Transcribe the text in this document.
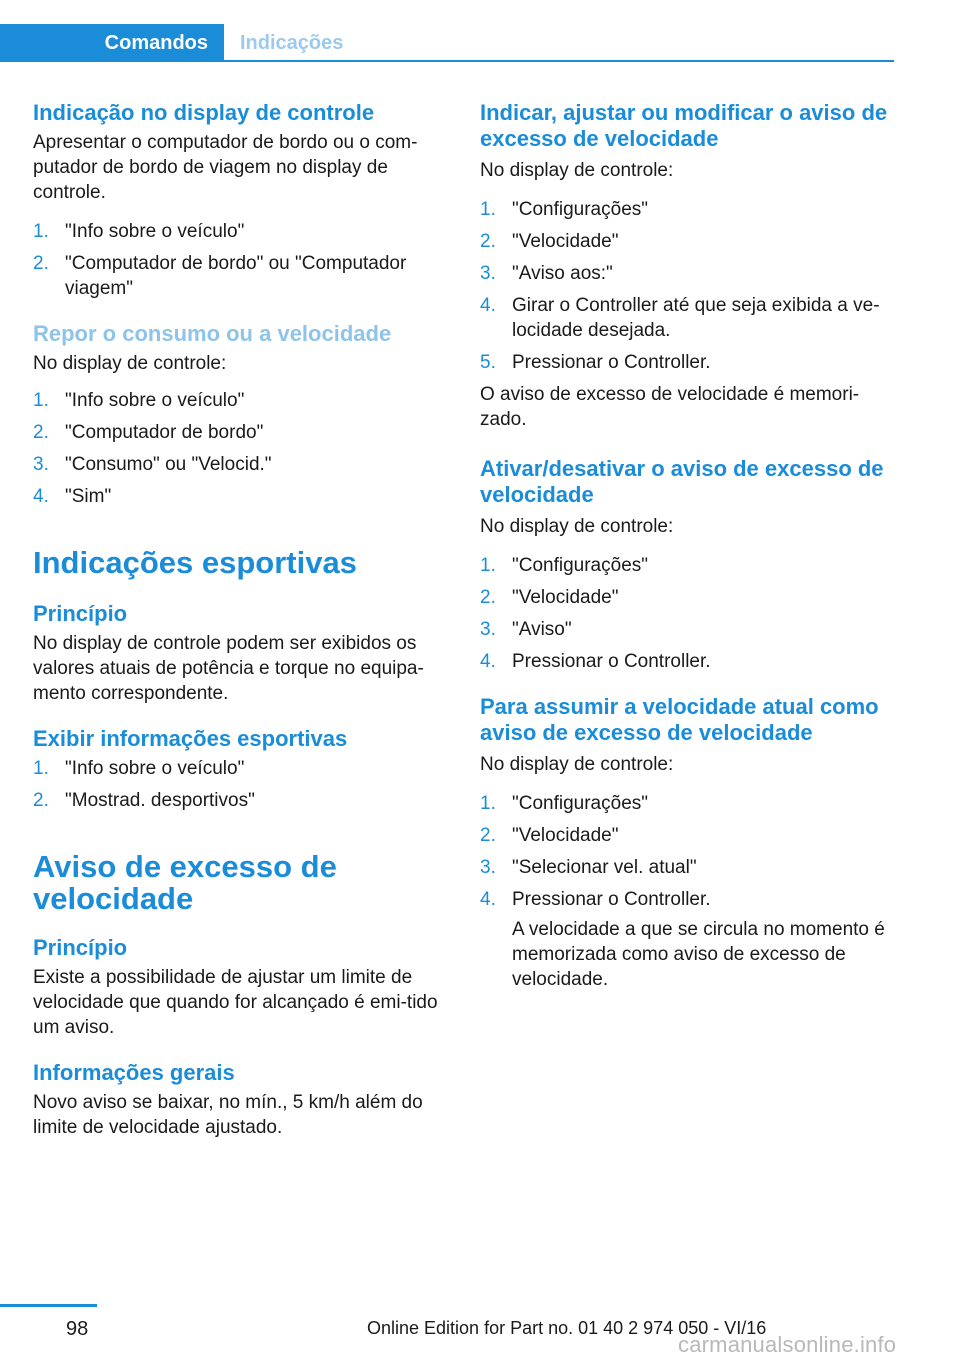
Comandos	Indicações
Indicação no display de controle

Apresentar o computador de bordo ou o com-putador de bordo de viagem no display de controle.

1. "Info sobre o veículo"
2. "Computador de bordo" ou "Computador viagem"
Repor o consumo ou a velocidade

No display de controle:

1. "Info sobre o veículo"
2. "Computador de bordo"
3. "Consumo" ou "Velocid."
4. "Sim"
Indicações esportivas
Princípio

No display de controle podem ser exibidos os valores atuais de potência e torque no equipa-mento correspondente.

Exibir informações esportivas
1. "Info sobre o veículo"
2. "Mostrad. desportivos"
Aviso de excesso de
velocidade
Princípio

Existe a possibilidade de ajustar um limite de velocidade que quando for alcançado é emi-tido um aviso.

Informações gerais

Novo aviso se baixar, no mín., 5 km/h além do limite de velocidade ajustado.

Indicar, ajustar ou modificar o aviso de excesso de velocidade

No display de controle:

1. "Configurações"
2. "Velocidade"
3. "Aviso aos:"
4. Girar o Controller até que seja exibida a ve-locidade desejada.
5. Pressionar o Controller.

O aviso de excesso de velocidade é memori-zado.

Ativar/desativar o aviso de excesso de velocidade

No display de controle:

1. "Configurações"
2. "Velocidade"
3. "Aviso"
4. Pressionar o Controller.
Para assumir a velocidade atual como aviso de excesso de velocidade

No display de controle:

1. "Configurações"
2. "Velocidade"
3. "Selecionar vel. atual"
4. Pressionar o Controller.
A velocidade a que se circula no momento é memorizada como aviso de excesso de velocidade.
98	Online Edition for Part no. 01 40 2 974 050 - VI/16
carmanualsonline.info
